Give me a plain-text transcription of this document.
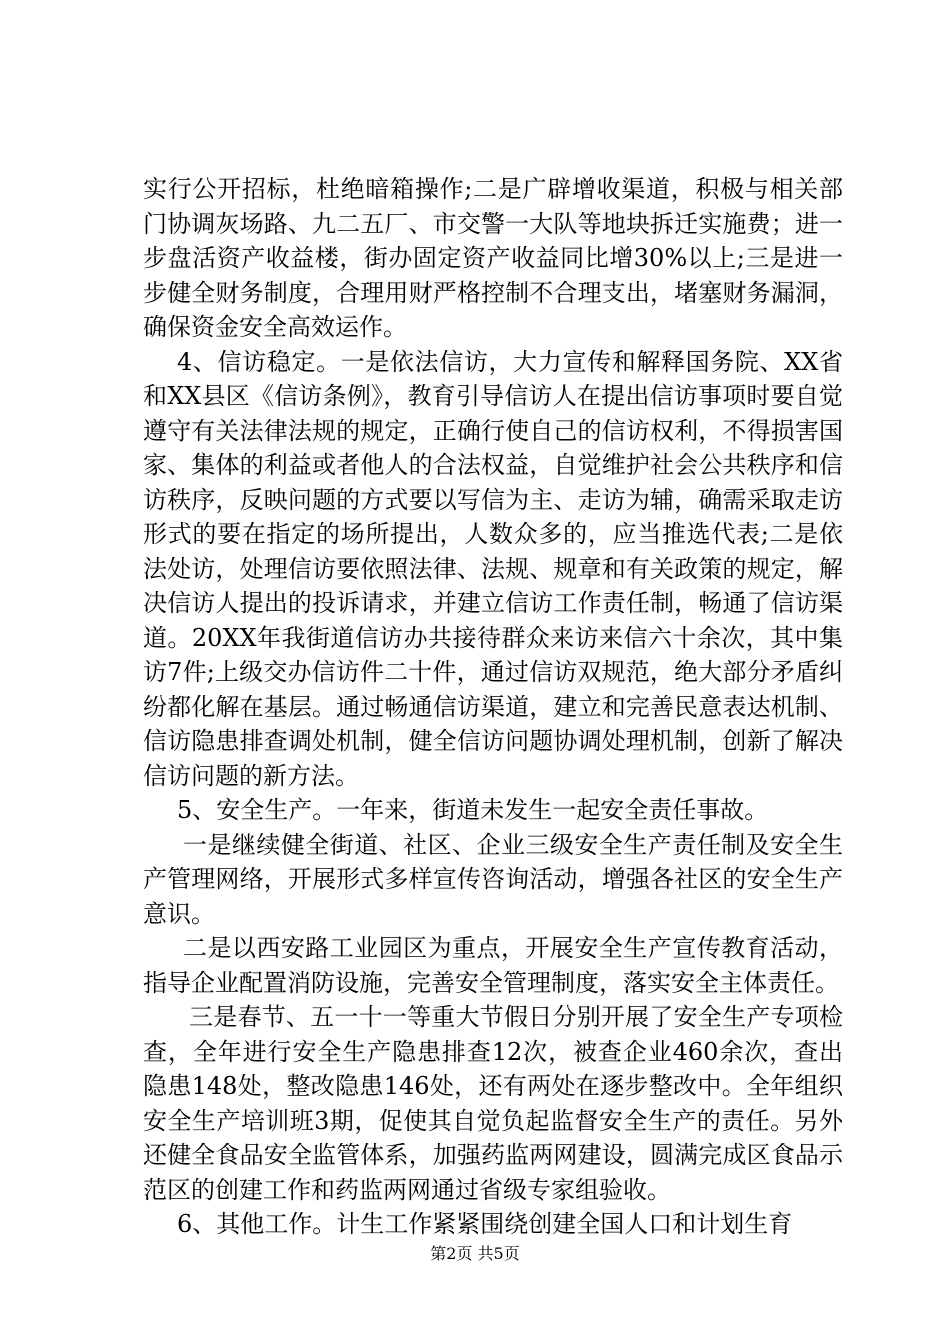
实行公开招标，杜绝暗箱操作;二是广辟增收渠道，积极与相关部门协调灰场路、九二五厂、市交警一大队等地块拆迁实施费；进一步盘活资产收益楼，街办固定资产收益同比增30%以上;三是进一步健全财务制度，合理用财严格控制不合理支出，堵塞财务漏洞，确保资金安全高效运作。

4、信访稳定。一是依法信访，大力宣传和解释国务院、XX省和XX县区《信访条例》，教育引导信访人在提出信访事项时要自觉遵守有关法律法规的规定，正确行使自己的信访权利，不得损害国家、集体的利益或者他人的合法权益，自觉维护社会公共秩序和信访秩序，反映问题的方式要以写信为主、走访为辅，确需采取走访形式的要在指定的场所提出，人数众多的，应当推选代表;二是依法处访，处理信访要依照法律、法规、规章和有关政策的规定，解决信访人提出的投诉请求，并建立信访工作责任制，畅通了信访渠道。20XX年我街道信访办共接待群众来访来信六十余次，其中集访7件;上级交办信访件二十件，通过信访双规范，绝大部分矛盾纠纷都化解在基层。通过畅通信访渠道，建立和完善民意表达机制、信访隐患排查调处机制，健全信访问题协调处理机制，创新了解决信访问题的新方法。

5、安全生产。一年来，街道未发生一起安全责任事故。

一是继续健全街道、社区、企业三级安全生产责任制及安全生产管理网络，开展形式多样宣传咨询活动，增强各社区的安全生产意识。

二是以西安路工业园区为重点，开展安全生产宣传教育活动，指导企业配置消防设施，完善安全管理制度，落实安全主体责任。

三是春节、五一十一等重大节假日分别开展了安全生产专项检查，全年进行安全生产隐患排查12次，被查企业460余次，查出隐患148处，整改隐患146处，还有两处在逐步整改中。全年组织安全生产培训班3期，促使其自觉负起监督安全生产的责任。另外还健全食品安全监管体系，加强药监两网建设，圆满完成区食品示范区的创建工作和药监两网通过省级专家组验收。

6、其他工作。计生工作紧紧围绕创建全国人口和计划生育

第2页 共5页
